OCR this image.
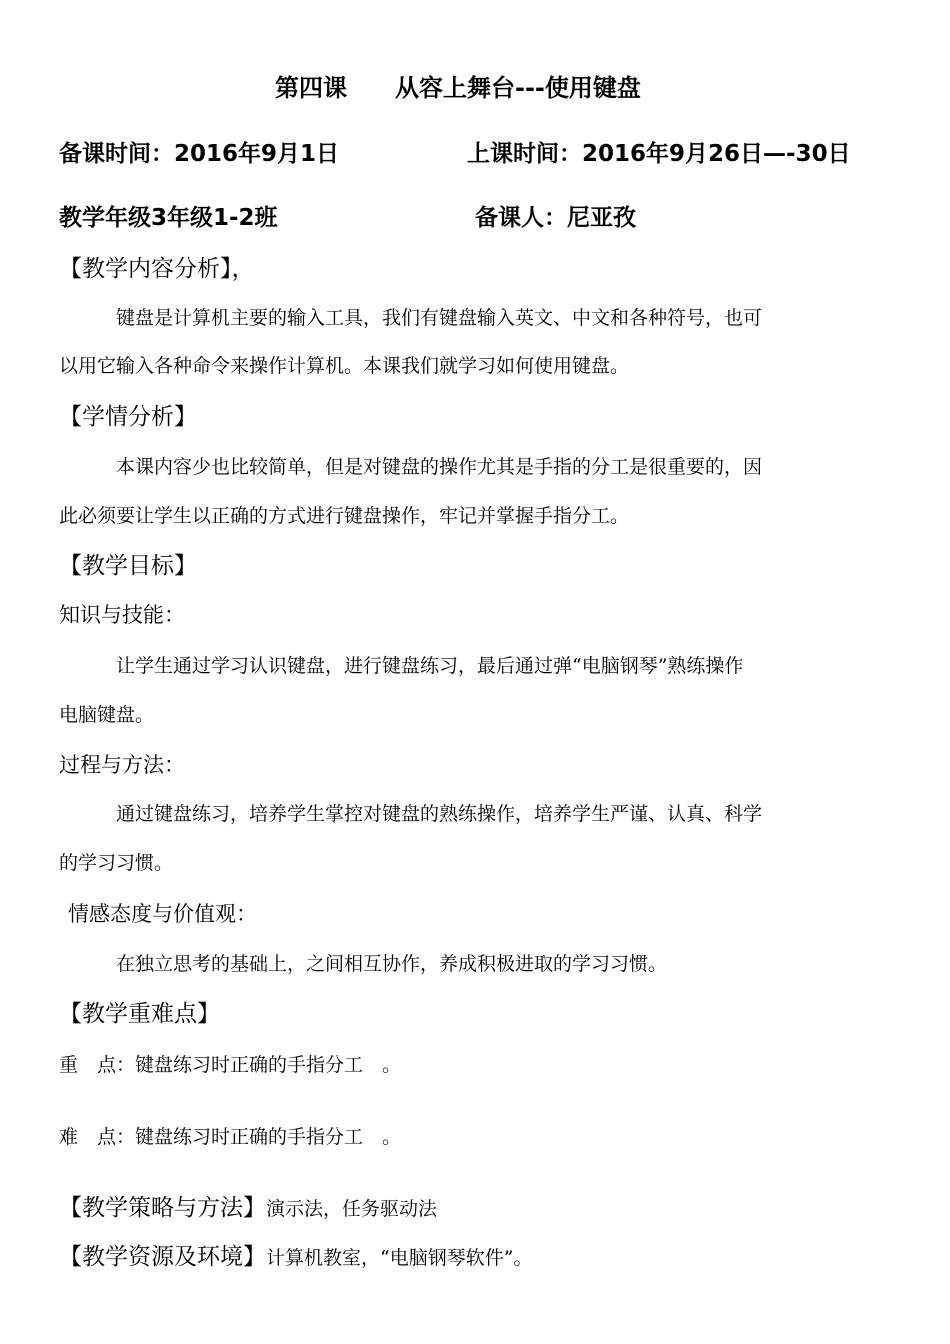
第四课　　从容上舞台---使用键盘
备课时间：2016年9月1日	上课时间：2016年9月26日—-30日
教学年级3年级1-2班	备课人：尼亚孜
【教学内容分析】，
键盘是计算机主要的输入工具，我们有键盘输入英文、中文和各种符号，也可
以用它输入各种命令来操作计算机。本课我们就学习如何使用键盘。
【学情分析】
本课内容少也比较简单，但是对键盘的操作尤其是手指的分工是很重要的，因
此必须要让学生以正确的方式进行键盘操作，牢记并掌握手指分工。
【教学目标】
知识与技能：
让学生通过学习认识键盘，进行键盘练习，最后通过弹“电脑钢琴”熟练操作
电脑键盘。
过程与方法：
通过键盘练习，培养学生掌控对键盘的熟练操作，培养学生严谨、认真、科学
的学习习惯。
情感态度与价值观：
在独立思考的基础上，之间相互协作，养成积极进取的学习习惯。
【教学重难点】
重　点：键盘练习时正确的手指分工　。
难　点：键盘练习时正确的手指分工　。
【教学策略与方法】演示法，任务驱动法
【教学资源及环境】计算机教室，“电脑钢琴软件”。
